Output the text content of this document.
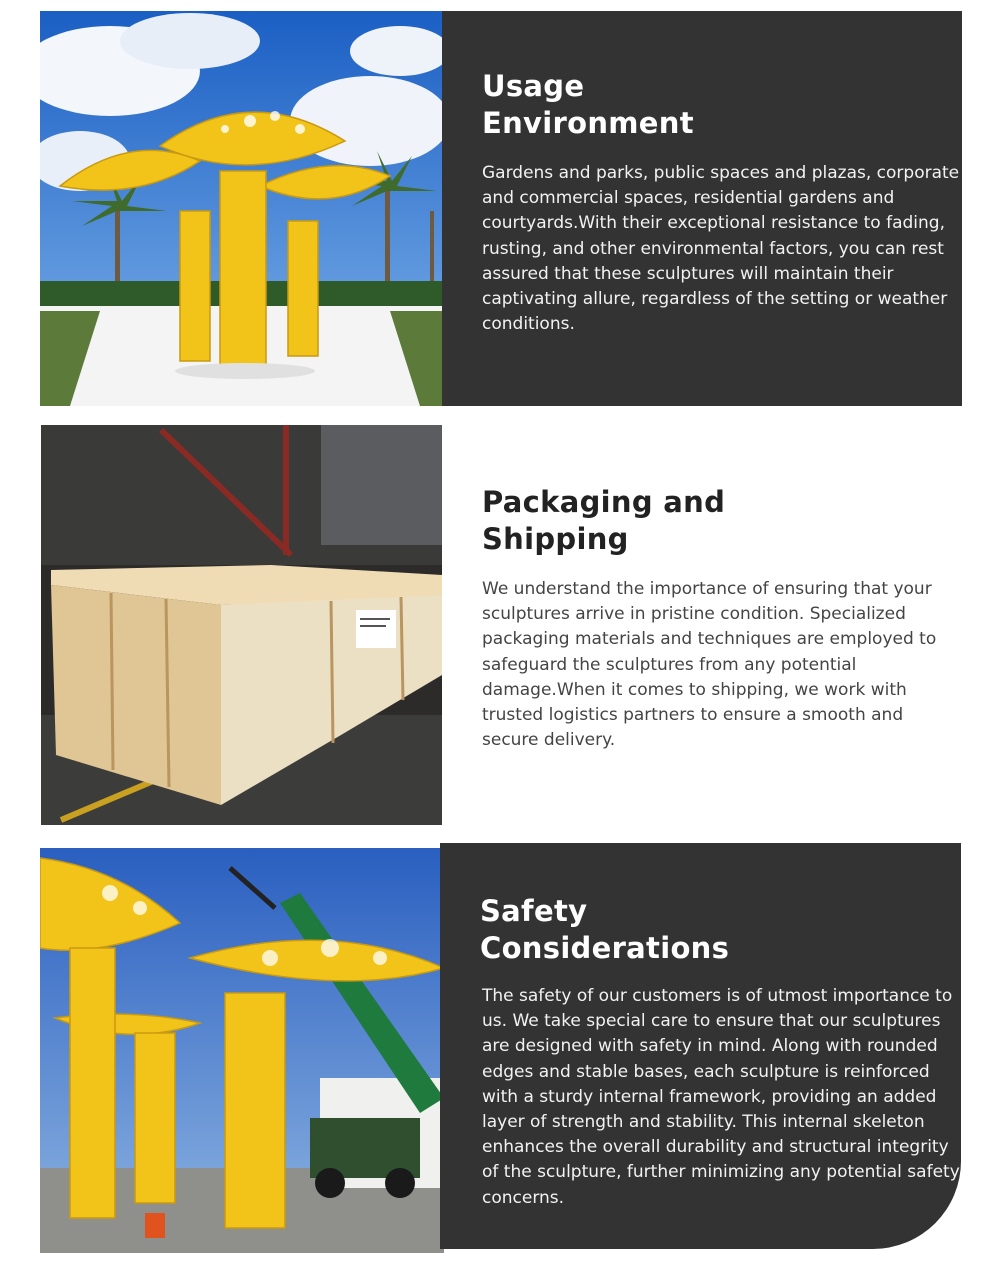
Usage
Environment

Gardens and parks, public spaces and plazas, corporate and commercial spaces, residential gardens and courtyards.With their exceptional resistance to fading, rusting, and other environmental factors, you can rest assured that these sculptures will maintain their captivating allure, regardless of the setting or weather conditions.

Packaging and
Shipping

We understand the importance of ensuring that your sculptures arrive in pristine condition. Specialized packaging materials and techniques are employed to safeguard the sculptures from any potential damage.When it comes to shipping, we work with trusted logistics partners to ensure a smooth and secure delivery.

Safety
Considerations

The safety of our customers is of utmost importance to us. We take special care to ensure that our sculptures are designed with safety in mind. Along with rounded edges and stable bases, each sculpture is reinforced with a sturdy internal framework, providing an added layer of strength and stability. This internal skeleton enhances the overall durability and structural integrity of the sculpture, further minimizing any potential safety concerns.
